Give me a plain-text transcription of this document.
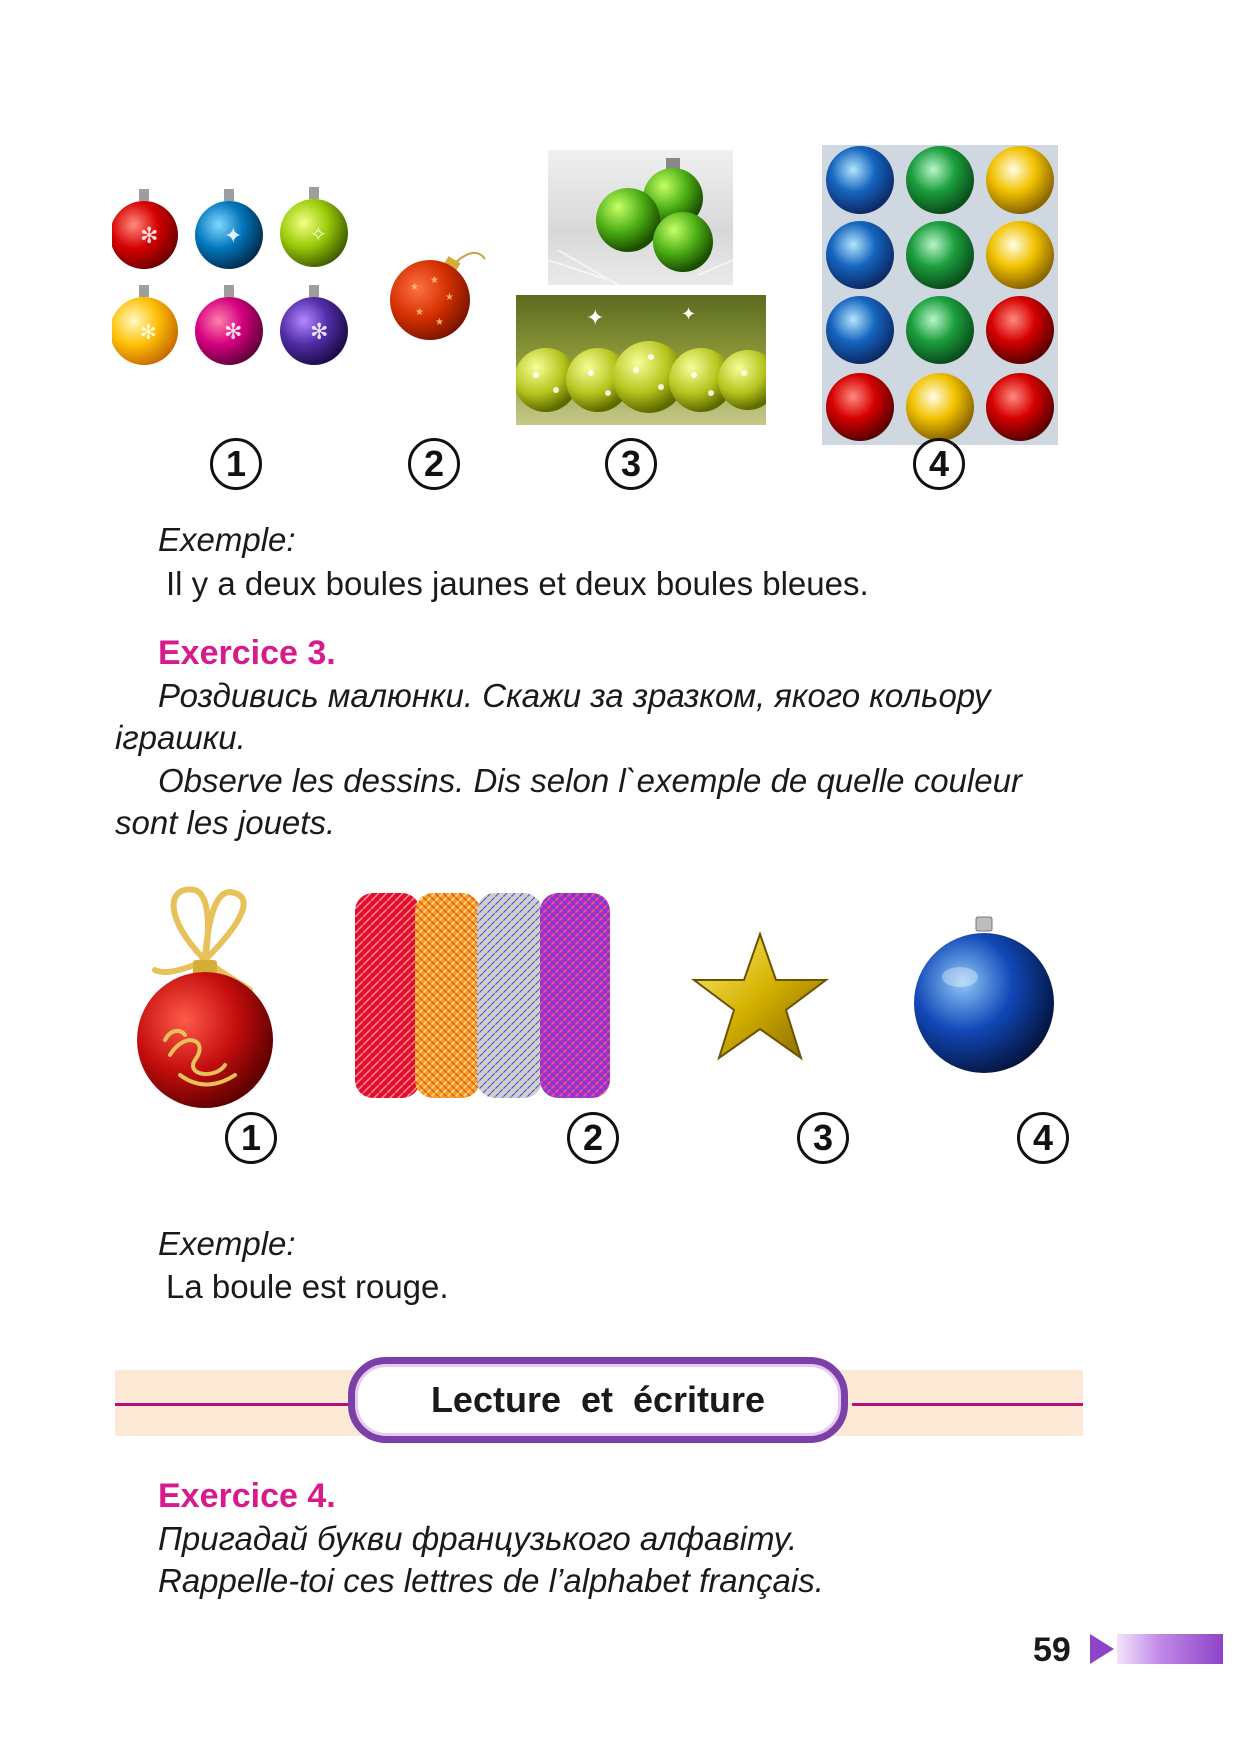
✻	✦	✧
✻	✻	✻
★
★
★
★
★	✦	✦
1	2	3	4
Exemple:
Il y a deux boules jaunes et deux boules bleues.
Exercice 3.
Роздивись малюнки. Скажи за зразком, якого кольору
іграшки.
Observe les dessins. Dis selon l`exemple de quelle couleur
sont les jouets.
1	2	3	4
Exemple:
La boule est rouge.
Lecture  et  écriture
Exercice 4.
Пригадай букви французького алфавіту.
Rappelle-toi ces lettres de l’alphabet français.
59
